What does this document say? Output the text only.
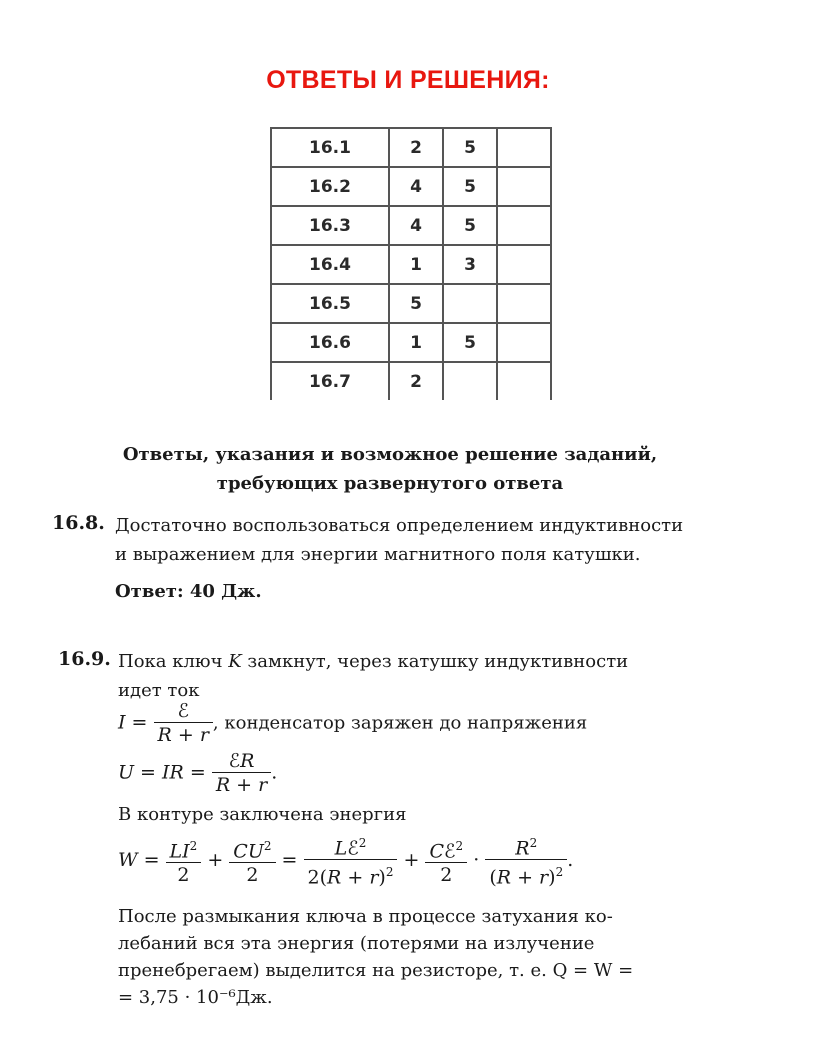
ОТВЕТЫ И РЕШЕНИЯ:
16.1	2	5	
16.2	4	5	
16.3	4	5	
16.4	1	3	
16.5	5		
16.6	1	5	
16.7	2		
Ответы, указания и возможное решение заданий,
требующих развернутого ответа
16.8. Достаточно воспользоваться определением индуктивности
и выражением для энергии магнитного поля катушки.
Ответ: 40 Дж.
16.9. Пока ключ K замкнут, через катушку индуктивности
идет ток
$I = \frac{\text{ℰ}}{R + r}$ , конденсатор заряжен до напряжения
U = IR = $\frac{\text{ℰR}}{R + r}$ .
В контуре заключена энергия
$W = \frac{LI^2}{2} + \frac{CU^2}{2} = \frac{Lℰ^2}{2(R + r)^2} + \frac{Cℰ^2}{2} \cdot \frac{R^2}{(R + r)^2}$ .
После размыкания ключа в процессе затухания ко-
лебаний вся эта энергия (потерями на излучение
пренебрегаем) выделится на резисторе, т. е. Q = W =
= 3,75 · 10⁻⁶Дж.
